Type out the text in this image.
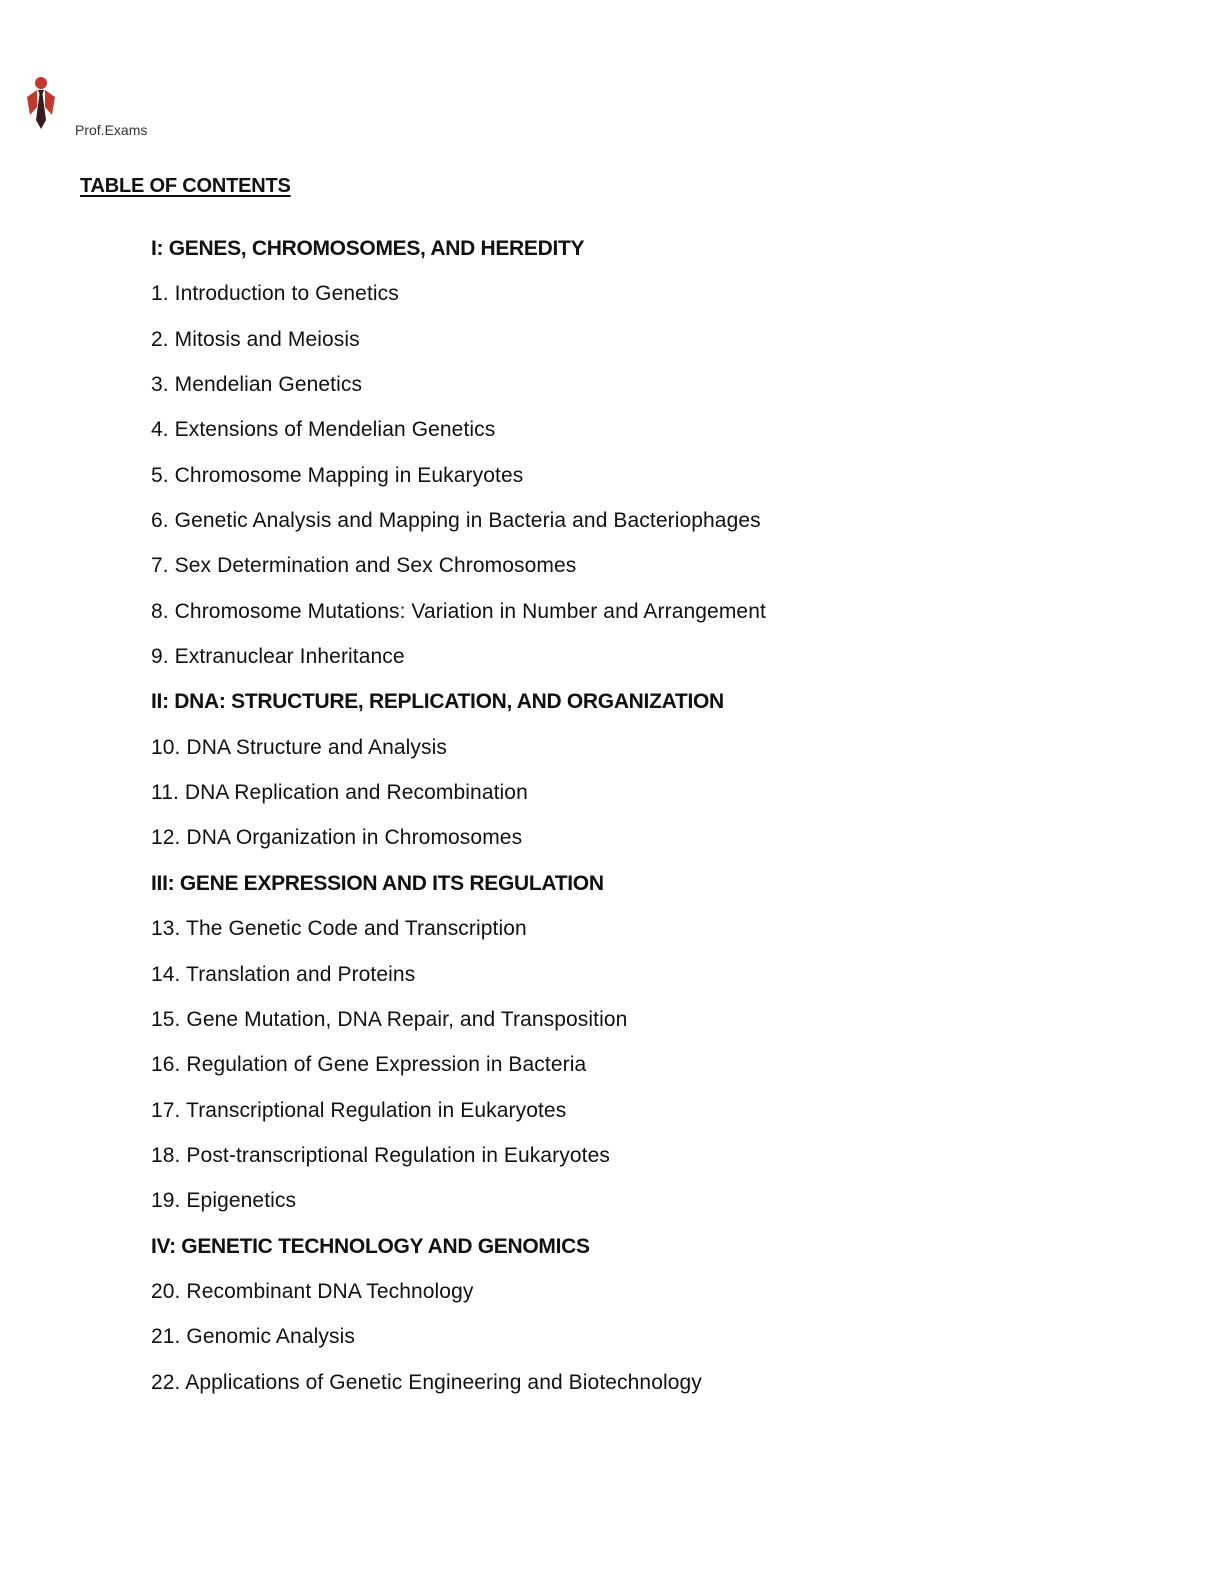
Prof.Exams
TABLE OF CONTENTS
I: GENES, CHROMOSOMES, AND HEREDITY
1. Introduction to Genetics
2. Mitosis and Meiosis
3. Mendelian Genetics
4. Extensions of Mendelian Genetics
5. Chromosome Mapping in Eukaryotes
6. Genetic Analysis and Mapping in Bacteria and Bacteriophages
7. Sex Determination and Sex Chromosomes
8. Chromosome Mutations: Variation in Number and Arrangement
9. Extranuclear Inheritance
II: DNA: STRUCTURE, REPLICATION, AND ORGANIZATION
10. DNA Structure and Analysis
11. DNA Replication and Recombination
12. DNA Organization in Chromosomes
III: GENE EXPRESSION AND ITS REGULATION
13. The Genetic Code and Transcription
14. Translation and Proteins
15. Gene Mutation, DNA Repair, and Transposition
16. Regulation of Gene Expression in Bacteria
17. Transcriptional Regulation in Eukaryotes
18. Post-transcriptional Regulation in Eukaryotes
19. Epigenetics
IV: GENETIC TECHNOLOGY AND GENOMICS
20. Recombinant DNA Technology
21. Genomic Analysis
22. Applications of Genetic Engineering and Biotechnology
